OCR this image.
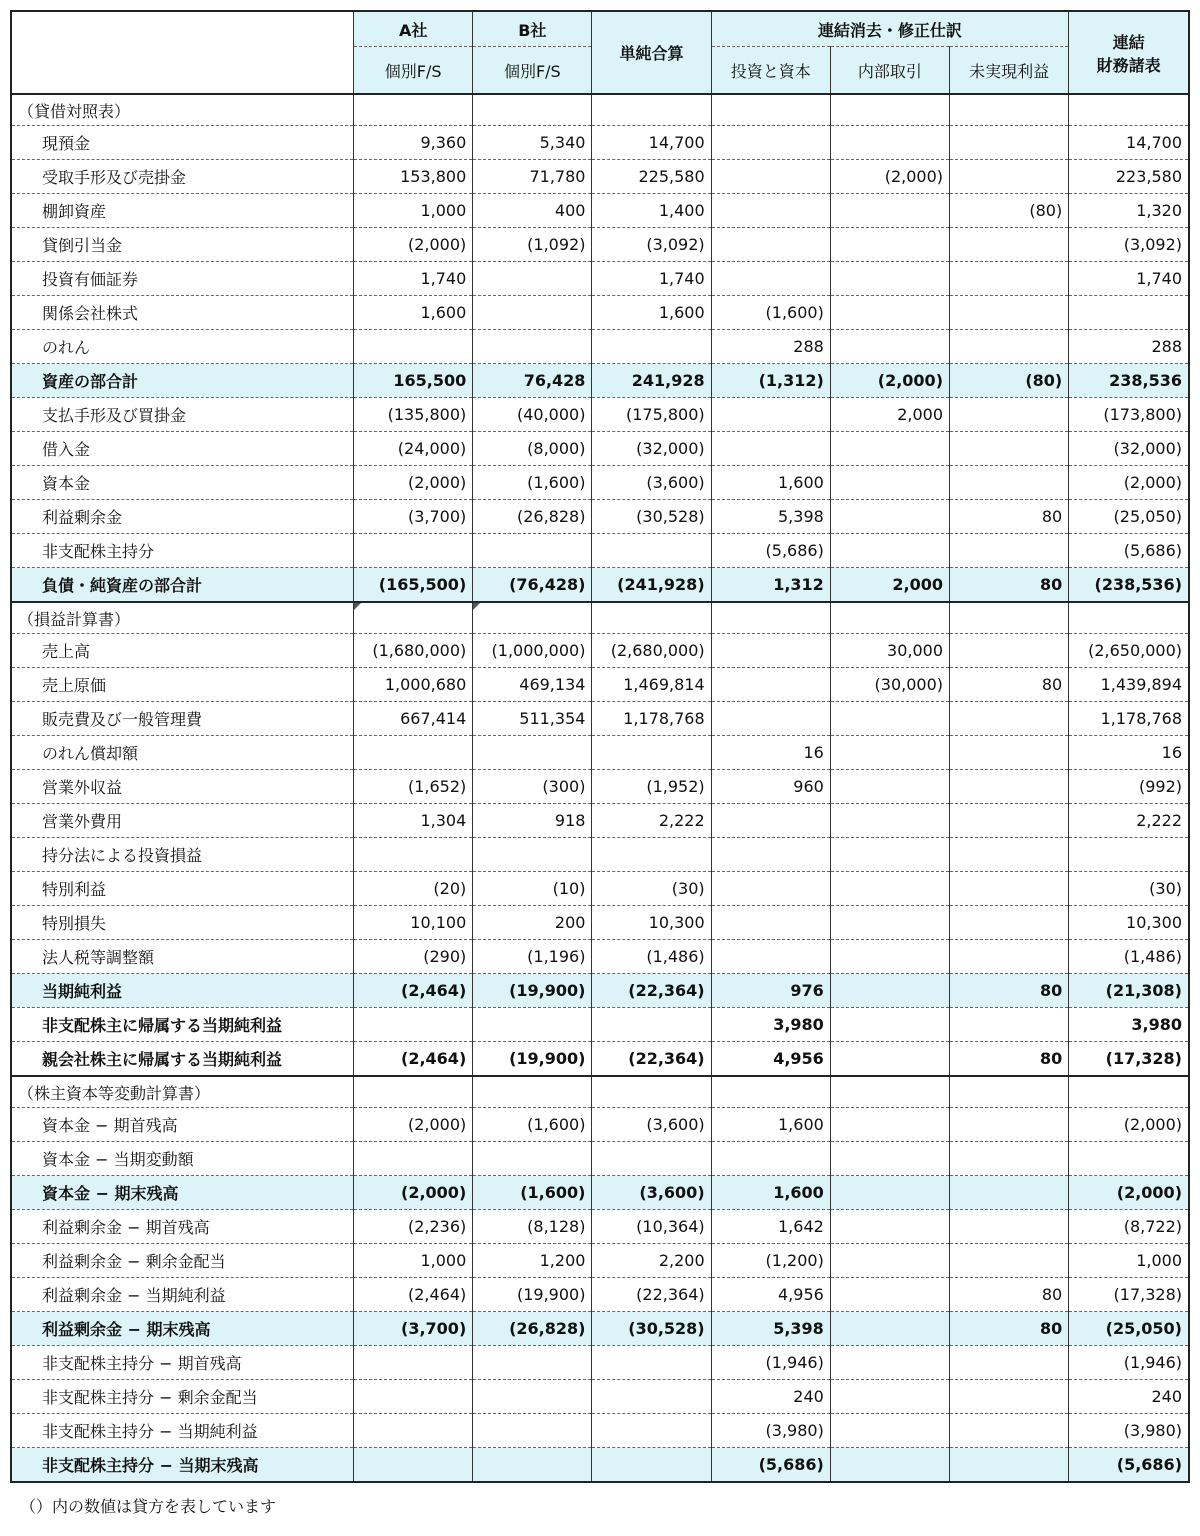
	A社	B社	単純合算	連結消去・修正仕訳			連結
財務諸表
	個別F/S	個別F/S		投資と資本	内部取引	未実現利益	
（貸借対照表）							
現預金	9,360	5,340	14,700				14,700
受取手形及び売掛金	153,800	71,780	225,580		(2,000)		223,580
棚卸資産	1,000	400	1,400			(80)	1,320
貸倒引当金	(2,000)	(1,092)	(3,092)				(3,092)
投資有価証券	1,740		1,740				1,740
関係会社株式	1,600		1,600	(1,600)			
のれん				288			288
資産の部合計	165,500	76,428	241,928	(1,312)	(2,000)	(80)	238,536
支払手形及び買掛金	(135,800)	(40,000)	(175,800)		2,000		(173,800)
借入金	(24,000)	(8,000)	(32,000)				(32,000)
資本金	(2,000)	(1,600)	(3,600)	1,600			(2,000)
利益剰余金	(3,700)	(26,828)	(30,528)	5,398		80	(25,050)
非支配株主持分				(5,686)			(5,686)
負債・純資産の部合計	(165,500)	(76,428)	(241,928)	1,312	2,000	80	(238,536)
（損益計算書）							
売上高	(1,680,000)	(1,000,000)	(2,680,000)		30,000		(2,650,000)
売上原価	1,000,680	469,134	1,469,814		(30,000)	80	1,439,894
販売費及び一般管理費	667,414	511,354	1,178,768				1,178,768
のれん償却額				16			16
営業外収益	(1,652)	(300)	(1,952)	960			(992)
営業外費用	1,304	918	2,222				2,222
持分法による投資損益							
特別利益	(20)	(10)	(30)				(30)
特別損失	10,100	200	10,300				10,300
法人税等調整額	(290)	(1,196)	(1,486)				(1,486)
当期純利益	(2,464)	(19,900)	(22,364)	976		80	(21,308)
非支配株主に帰属する当期純利益				3,980			3,980
親会社株主に帰属する当期純利益	(2,464)	(19,900)	(22,364)	4,956		80	(17,328)
（株主資本等変動計算書）							
資本金 − 期首残高	(2,000)	(1,600)	(3,600)	1,600			(2,000)
資本金 − 当期変動額							
資本金 − 期末残高	(2,000)	(1,600)	(3,600)	1,600			(2,000)
利益剰余金 − 期首残高	(2,236)	(8,128)	(10,364)	1,642			(8,722)
利益剰余金 − 剰余金配当	1,000	1,200	2,200	(1,200)			1,000
利益剰余金 − 当期純利益	(2,464)	(19,900)	(22,364)	4,956		80	(17,328)
利益剰余金 − 期末残高	(3,700)	(26,828)	(30,528)	5,398		80	(25,050)
非支配株主持分 − 期首残高				(1,946)			(1,946)
非支配株主持分 − 剰余金配当				240			240
非支配株主持分 − 当期純利益				(3,980)			(3,980)
非支配株主持分 − 当期末残高				(5,686)			(5,686)
（）内の数値は貸方を表しています
